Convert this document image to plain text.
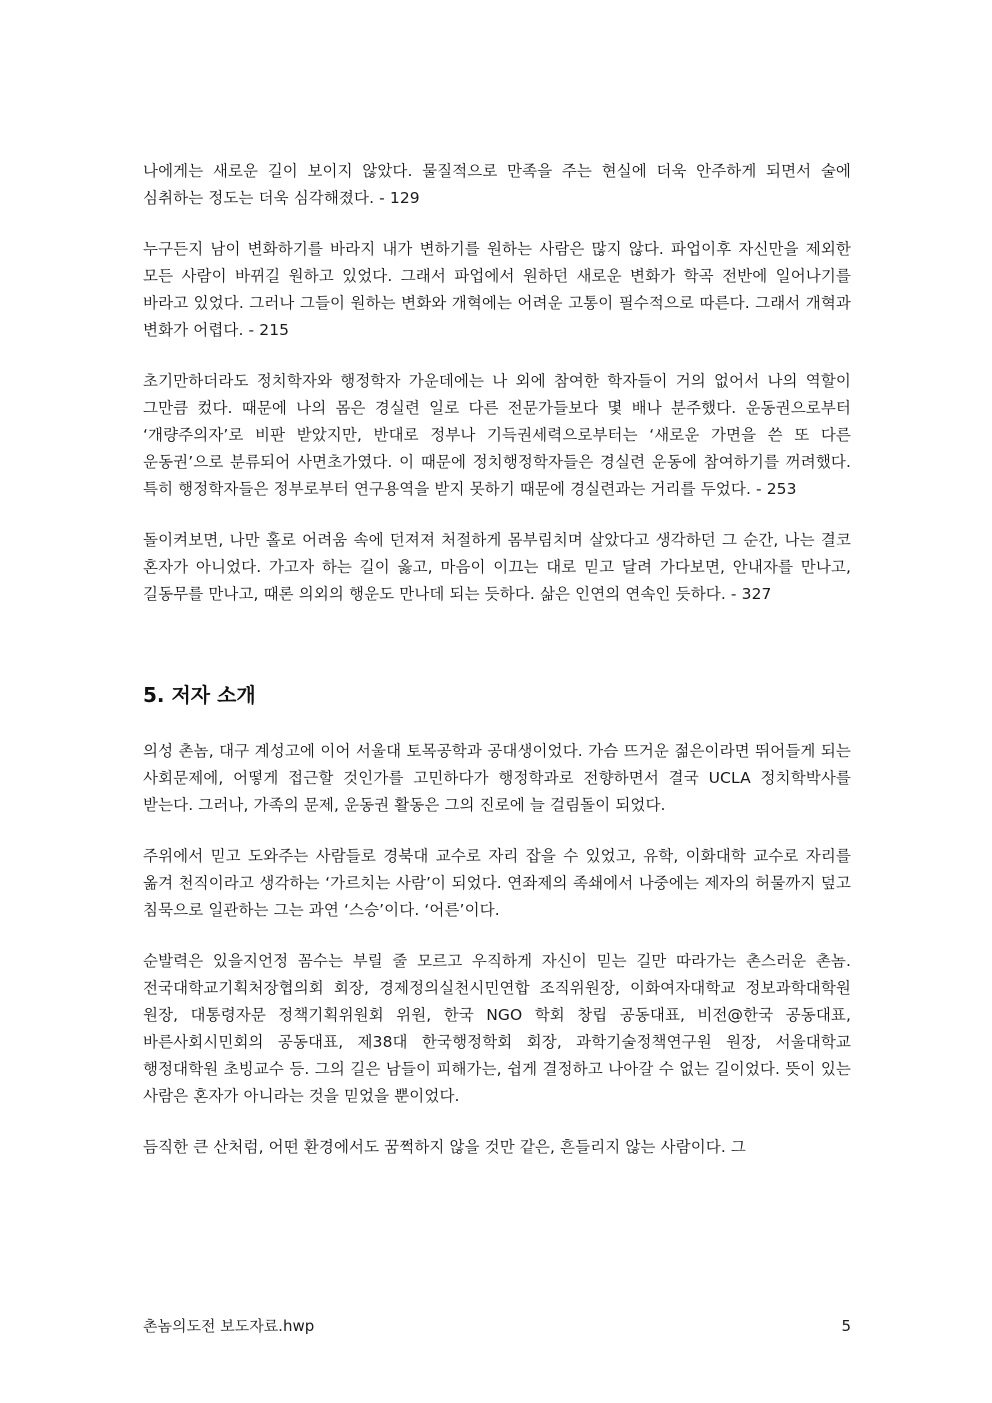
나에게는 새로운 길이 보이지 않았다. 물질적으로 만족을 주는 현실에 더욱 안주하게 되면서 술에 심취하는 정도는 더욱 심각해졌다. - 129

누구든지 남이 변화하기를 바라지 내가 변하기를 원하는 사람은 많지 않다. 파업이후 자신만을 제외한 모든 사람이 바뀌길 원하고 있었다. 그래서 파업에서 원하던 새로운 변화가 학곡 전반에 일어나기를 바라고 있었다. 그러나 그들이 원하는 변화와 개혁에는 어려운 고통이 필수적으로 따른다. 그래서 개혁과 변화가 어렵다. - 215

초기만하더라도 정치학자와 행정학자 가운데에는 나 외에 참여한 학자들이 거의 없어서 나의 역할이 그만큼 컸다. 때문에 나의 몸은 경실련 일로 다른 전문가들보다 몇 배나 분주했다. 운동권으로부터 ‘개량주의자’로 비판 받았지만, 반대로 정부나 기득권세력으로부터는 ‘새로운 가면을 쓴 또 다른 운동권’으로 분류되어 사면초가였다. 이 때문에 정치행정학자들은 경실련 운동에 참여하기를 꺼려했다. 특히 행정학자들은 정부로부터 연구용역을 받지 못하기 때문에 경실련과는 거리를 두었다. - 253

돌이켜보면, 나만 홀로 어려움 속에 던져져 처절하게 몸부림치며 살았다고 생각하던 그 순간, 나는 결코 혼자가 아니었다. 가고자 하는 길이 옳고, 마음이 이끄는 대로 믿고 달려 가다보면, 안내자를 만나고, 길동무를 만나고, 때론 의외의 행운도 만나데 되는 듯하다. 삶은 인연의 연속인 듯하다. - 327

5. 저자 소개

의성 촌놈, 대구 계성고에 이어 서울대 토목공학과 공대생이었다. 가슴 뜨거운 젊은이라면 뛰어들게 되는 사회문제에, 어떻게 접근할 것인가를 고민하다가 행정학과로 전향하면서 결국 UCLA 정치학박사를 받는다. 그러나, 가족의 문제, 운동권 활동은 그의 진로에 늘 걸림돌이 되었다.

주위에서 믿고 도와주는 사람들로 경북대 교수로 자리 잡을 수 있었고, 유학, 이화대학 교수로 자리를 옮겨 천직이라고 생각하는 ‘가르치는 사람’이 되었다. 연좌제의 족쇄에서 나중에는 제자의 허물까지 덮고 침묵으로 일관하는 그는 과연 ‘스승’이다. ‘어른’이다.

순발력은 있을지언정 꼼수는 부릴 줄 모르고 우직하게 자신이 믿는 길만 따라가는 촌스러운 촌놈. 전국대학교기획처장협의회 회장, 경제정의실천시민연합 조직위원장, 이화여자대학교 정보과학대학원 원장, 대통령자문 정책기획위원회 위원, 한국 NGO 학회 창립 공동대표, 비전@한국 공동대표, 바른사회시민회의 공동대표, 제38대 한국행정학회 회장, 과학기술정책연구원 원장, 서울대학교 행정대학원 초빙교수 등. 그의 길은 남들이 피해가는, 쉽게 결정하고 나아갈 수 없는 길이었다. 뜻이 있는 사람은 혼자가 아니라는 것을 믿었을 뿐이었다.

듬직한 큰 산처럼, 어떤 환경에서도 꿈쩍하지 않을 것만 같은, 흔들리지 않는 사람이다. 그

촌놈의도전 보도자료.hwp	5
